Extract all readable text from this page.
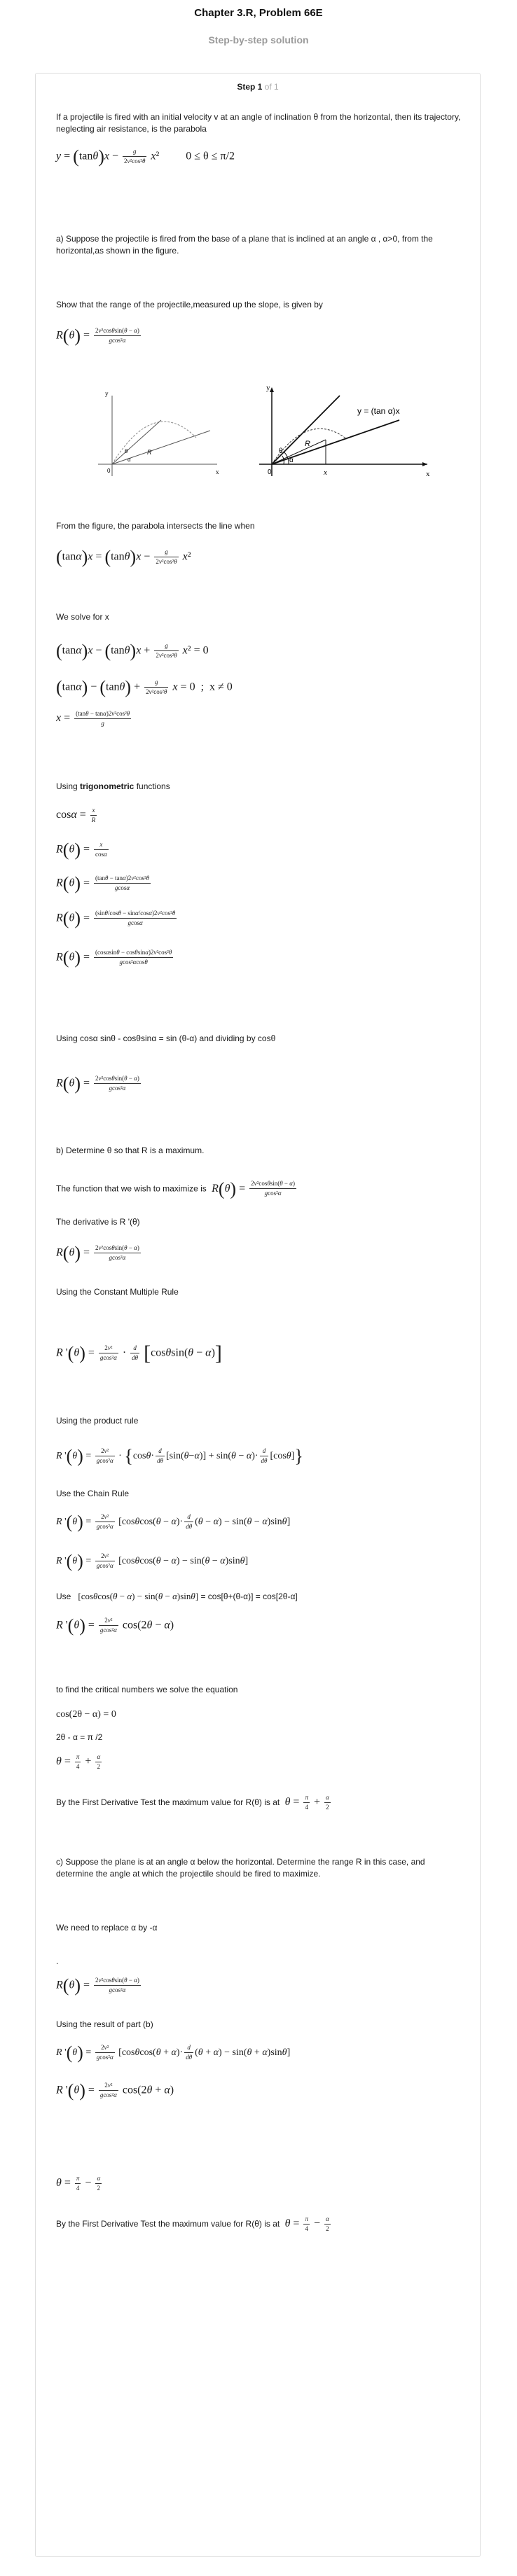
Chapter 3.R, Problem 66E
Step-by-step solution
Step 1 of 1
If a projectile is fired with an initial velocity v at an angle of inclination θ from the horizontal, then its trajectory, neglecting air resistance, is the parabola
$y = (\tan\theta)x - \frac{g}{\text{2v²cos²θ}} x^2$  0 ≤ θ ≤ π/2
a) Suppose the projectile is fired from the base of a plane that is inclined at an angle α , α>0, from the horizontal,as shown in the figure.
Show that the range of the projectile,measured up the slope, is given by
$R(\theta) = \frac{\text{2v²cosθsin(θ − α)}}{\text{gcos²α}}$
y
x
0
R
θ
α
y
x
0	x
y = (tan α)x
R
θ
α
From the figure, the parabola intersects the line when
$(\tan\alpha)x = (\tan\theta)x - \frac{g}{\text{2v²cos²θ}} x^2$
We solve for x
$(\tan\alpha)x - (\tan\theta)x + \frac{g}{\text{2v²cos²θ}} x^2 = 0$
$(\tan\alpha) - (\tan\theta) + \frac{g}{\text{2v²cos²θ}}$ x = 0  ;  x ≠ 0
$x = \frac{\text{(tanθ − tanα)2v²cos²θ}}{g}$
Using trigonometric functions
$\cos\alpha = \frac{x}{R}$
$R(\theta) = \frac{x}{\cos\alpha}$
$R(\theta) = \frac{\text{(tanθ − tanα)2v²cos²θ}}{gcos\alpha}$
$R(\theta) = \frac{\text{(sinθ/cosθ − sinα/cosα)2v²cos²θ}}{gcos\alpha}$
$R(\theta) = \frac{\text{(cosαsinθ − cosθsinα)2v²cos²θ}}{\text{gcos²αcosθ}}$
Using cosα sinθ - cosθsinα = sin (θ-α) and dividing by cosθ
$R(\theta) = \frac{\text{2v²cosθsin(θ − α)}}{\text{gcos²α}}$
b) Determine θ so that R is a maximum.
The function that we wish to maximize is $R(\theta) = \frac{\text{2v²cosθsin(θ − α)}}{\text{gcos²α}}$
The derivative is R '(θ)
$R(\theta) = \frac{\text{2v²cosθsin(θ − α)}}{\text{gcos²α}}$
Using the Constant Multiple Rule
R '$(\theta) = \frac{\text{2v²}}{\text{gcos²α}} \cdot \frac{d}{d\theta} [\cos\theta\sin(\theta - \alpha)]$
Using the product rule
R '$(\theta) = \frac{\text{2v²}}{\text{gcos²α}} \cdot \{\cos\theta\cdot \frac{d}{d\theta} [\sin(\theta-\alpha)] + \sin(\theta - \alpha)\cdot \frac{d}{d\theta} [\cos\theta]\}$
Use the Chain Rule
R '$(\theta) = \frac{\text{2v²}}{\text{gcos²α}} [\cos\theta\cos(\theta - \alpha)\cdot \frac{d}{d\theta} (\theta - \alpha) - \sin(\theta - \alpha)\sin\theta]$
R '$(\theta) = \frac{\text{2v²}}{\text{gcos²α}} [\cos\theta\cos(\theta - \alpha) - \sin(\theta - \alpha)\sin\theta]$
Use [cosθcos(θ − α) − sin(θ − α)sinθ] = cos[θ+(θ-α)] = cos[2θ-α]
R '$(\theta) = \frac{\text{2v²}}{\text{gcos²α}} \cos(2\theta - \alpha)$
to find the critical numbers we solve the equation
cos(2θ − α) = 0
2θ - α = π /2
$\theta = \frac{\pi}{4} + \frac{\alpha}{2}$
By the First Derivative Test the maximum value for R(θ) is at $\theta = \frac{\pi}{4} + \frac{\alpha}{2}$
c) Suppose the plane is at an angle α below the horizontal. Determine the range R in this case, and determine the angle at which the projectile should be fired to maximize.
We need to replace α by -α
.
$R(\theta) = \frac{\text{2v²cosθsin(θ − α)}}{\text{gcos²α}}$
Using the result of part (b)
R '$(\theta) = \frac{\text{2v²}}{\text{gcos²α}} [\cos\theta\cos(\theta + \alpha)\cdot \frac{d}{d\theta} (\theta + \alpha) - \sin(\theta + \alpha)\sin\theta]$
R '$(\theta) = \frac{\text{2v²}}{\text{gcos²α}} \cos(2\theta + \alpha)$
$\theta = \frac{\pi}{4} - \frac{\alpha}{2}$
By the First Derivative Test the maximum value for R(θ) is at $\theta = \frac{\pi}{4} - \frac{\alpha}{2}$
